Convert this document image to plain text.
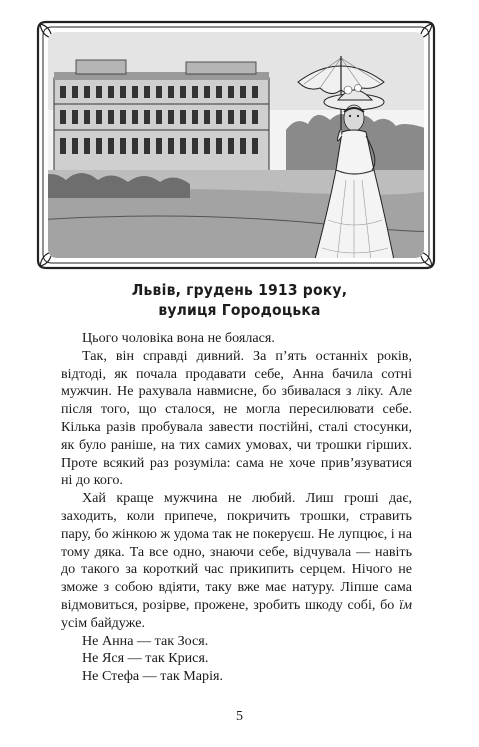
Львів, грудень 1913 року,
вулиця Городоцька

Цього чоловіка вона не боялася.

Так, він справді дивний. За п’ять останніх років, відтоді, як почала продавати себе, Анна бачила сотні мужчин. Не рахувала навмисне, бо збивалася з ліку. Але після того, що сталося, не могла пересилювати себе. Кілька разів пробувала завести постійні, сталі стосунки, як було раніше, на тих самих умовах, чи трошки гірших. Проте всякий раз розуміла: сама не хоче прив’язуватися ні до кого.

Хай краще мужчина не любий. Лиш гроші дає, заходить, коли припече, покричить трошки, стравить пару, бо жінкою ж удома так не покеруєш. Не лупцює, і на тому дяка. Та все одно, знаючи себе, відчувала — навіть до такого за короткий час прикипить серцем. Нічого не зможе з собою вдіяти, таку вже має натуру. Ліпше сама відмовиться, розірве, прожене, зробить шкоду собі, бо їм усім байдуже.

Не Анна — так Зося.

Не Яся — так Крися.

Не Стефа — так Марія.

5
